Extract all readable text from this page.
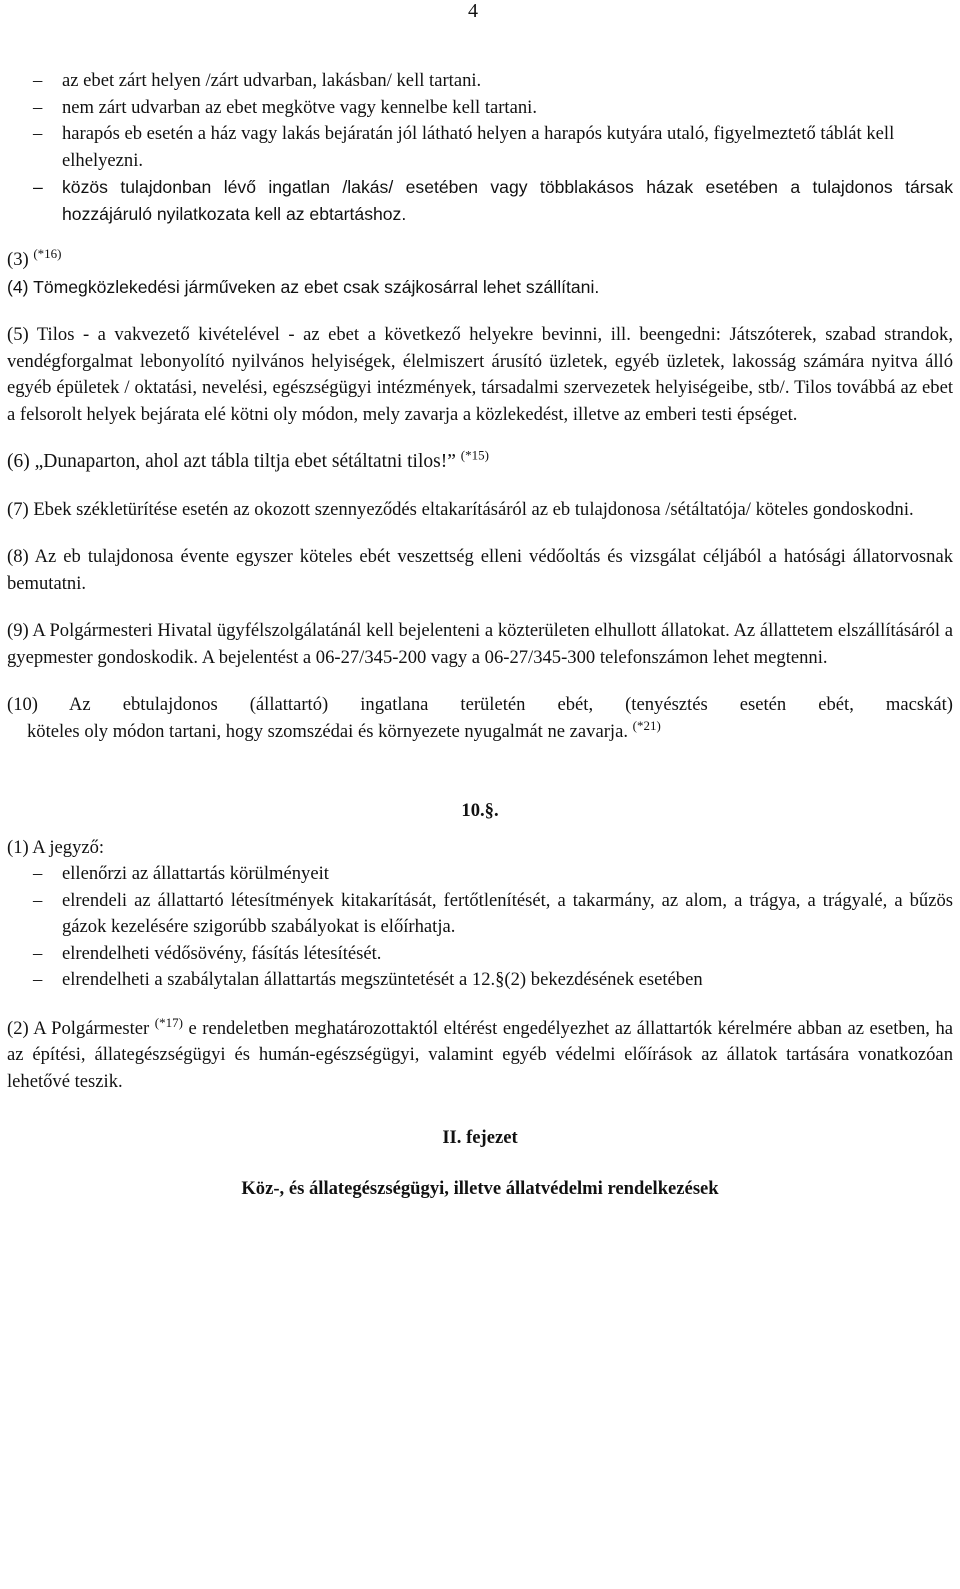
4
– az ebet zárt helyen /zárt udvarban, lakásban/ kell tartani.
– nem zárt udvarban az ebet megkötve vagy kennelbe kell tartani.
– harapós eb esetén a ház vagy lakás bejáratán jól látható helyen a harapós kutyára utaló, figyelmeztető táblát kell elhelyezni.
– közös tulajdonban lévő ingatlan /lakás/ esetében vagy többlakásos házak esetében a tulajdonos társak hozzájáruló nyilatkozata kell az ebtartáshoz.

(3) $^{(*16)}$

(4) Tömegközlekedési járműveken az ebet csak szájkosárral lehet szállítani.

(5) Tilos - a vakvezető kivételével - az ebet a következő helyekre bevinni, ill. beengedni: Játszóterek, szabad strandok, vendégforgalmat lebonyolító nyilvános helyiségek, élelmiszert árusító üzletek, egyéb üzletek, lakosság számára nyitva álló egyéb épületek / oktatási, nevelési, egészségügyi intézmények, társadalmi szervezetek helyiségeibe, stb/. Tilos továbbá az ebet a felsorolt helyek bejárata elé kötni oly módon, mely zavarja a közlekedést, illetve az emberi testi épséget.

(6) „Dunaparton, ahol azt tábla tiltja ebet sétáltatni tilos!” $^{(*15)}$

(7) Ebek székletürítése esetén az okozott szennyeződés eltakarításáról az eb tulajdonosa /sétáltatója/ köteles gondoskodni.

(8) Az eb tulajdonosa évente egyszer köteles ebét veszettség elleni védőoltás és vizsgálat céljából a hatósági állatorvosnak bemutatni.

(9) A Polgármesteri Hivatal ügyfélszolgálatánál kell bejelenteni a közterületen elhullott állatokat. Az állattetem elszállításáról a gyepmester gondoskodik. A bejelentést a 06-27/345-200 vagy a 06-27/345-300 telefonszámon lehet megtenni.

(10) Az ebtulajdonos (állattartó) ingatlana területén ebét, (tenyésztés esetén ebét, macskát)
köteles oly módon tartani, hogy szomszédai és környezete nyugalmát ne zavarja. $^{(*21)}$

10.§.

(1) A jegyző:

– ellenőrzi az állattartás körülményeit
– elrendeli az állattartó létesítmények kitakarítását, fertőtlenítését, a takarmány, az alom, a trágya, a trágyalé, a bűzös gázok kezelésére szigorúbb szabályokat is előírhatja.
– elrendelheti védősövény, fásítás létesítését.
– elrendelheti a szabálytalan állattartás megszüntetését a 12.§(2) bekezdésének esetében

(2) A Polgármester $^{(*17)}$ e rendeletben meghatározottaktól eltérést engedélyezhet az állattartók kérelmére abban az esetben, ha az építési, állategészségügyi és humán-egészségügyi, valamint egyéb védelmi előírások az állatok tartására vonatkozóan lehetővé teszik.

II. fejezet

Köz-, és állategészségügyi, illetve állatvédelmi rendelkezések
